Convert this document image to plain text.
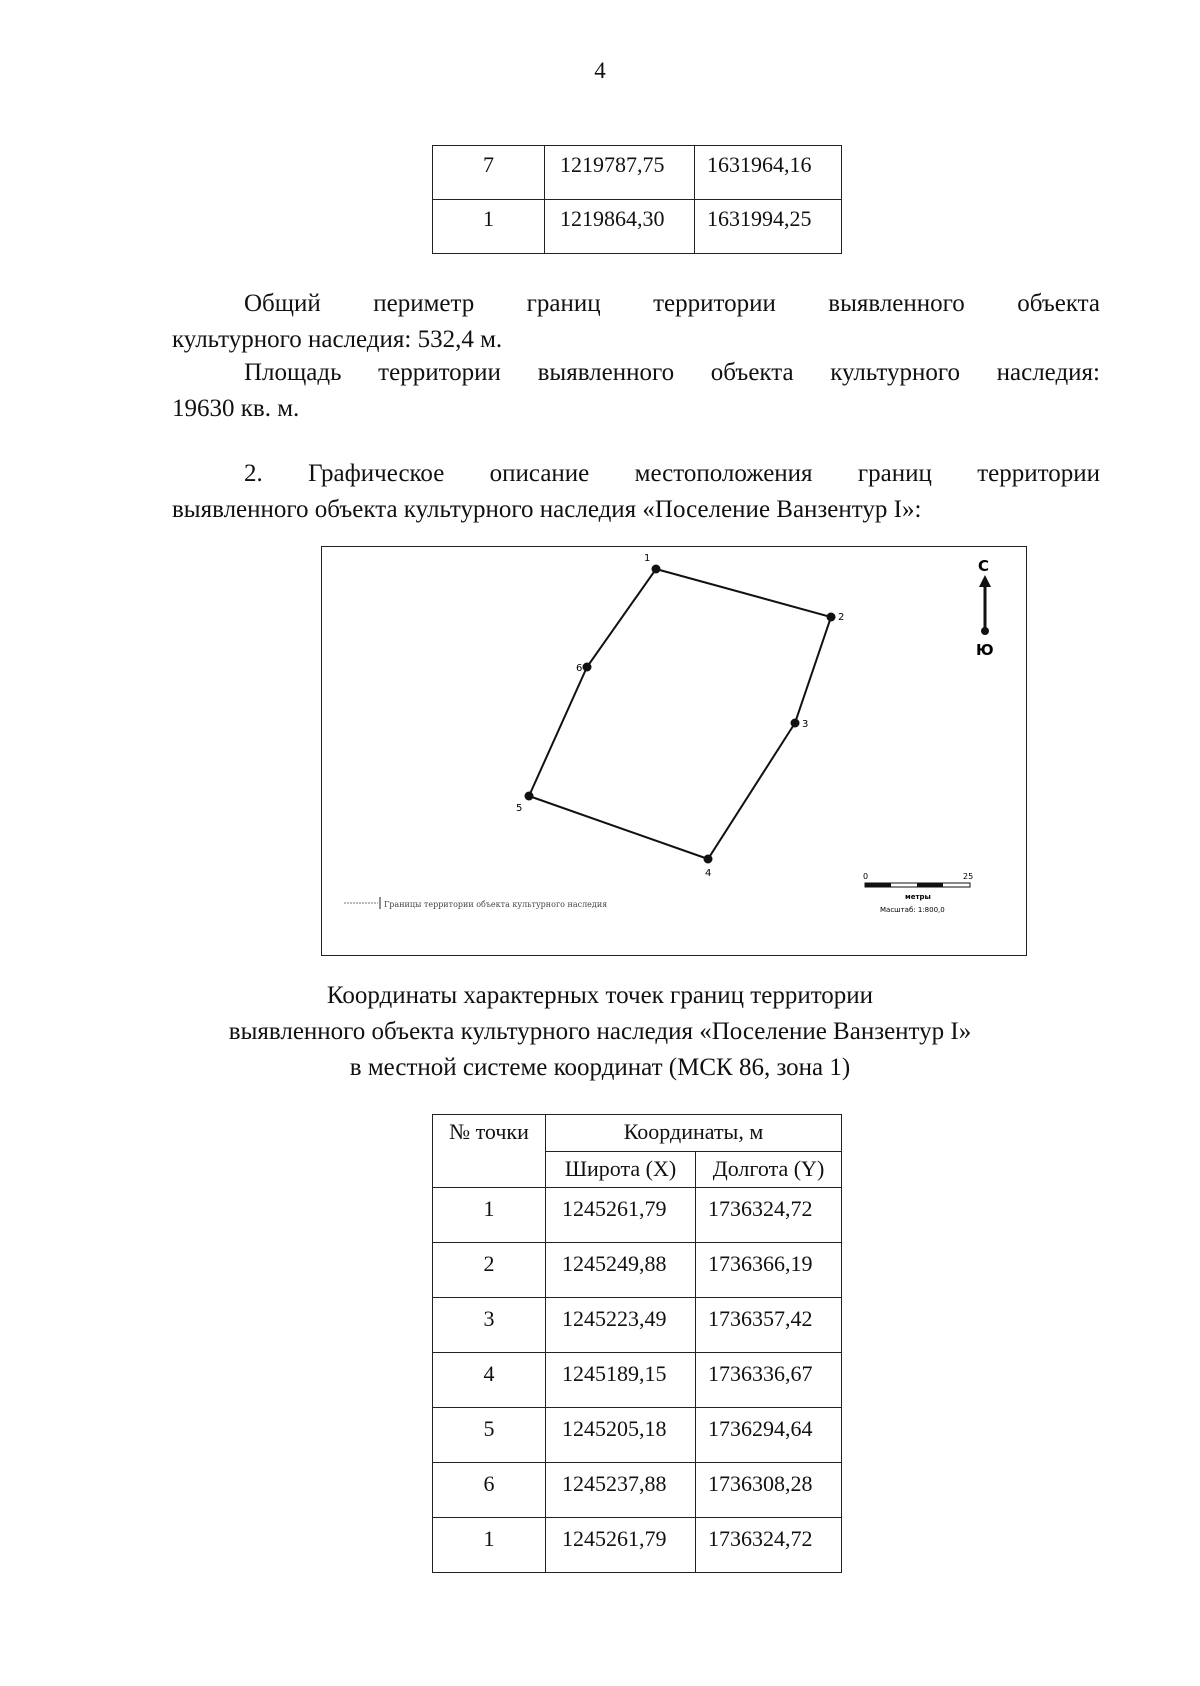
4
7	1219787,75	1631964,16
1	1219864,30	1631994,25
Общий периметр границ территории выявленного объекта
культурного наследия: 532,4 м.
Площадь территории выявленного объекта культурного наследия:
19630 кв. м.
2. Графическое описание местоположения границ территории
выявленного объекта культурного наследия «Поселение Ванзентур I»:
1
2
3
4
5
6
С
Ю
0	25
метры
Масштаб: 1:800,0
Границы территории объекта культурного наследия
Координаты характерных точек границ территории
выявленного объекта культурного наследия «Поселение Ванзентур I»
в местной системе координат (МСК 86, зона 1)
№ точки	Координаты, м	
	Широта (X)	Долгота (Y)
1	1245261,79	1736324,72
2	1245249,88	1736366,19
3	1245223,49	1736357,42
4	1245189,15	1736336,67
5	1245205,18	1736294,64
6	1245237,88	1736308,28
1	1245261,79	1736324,72
